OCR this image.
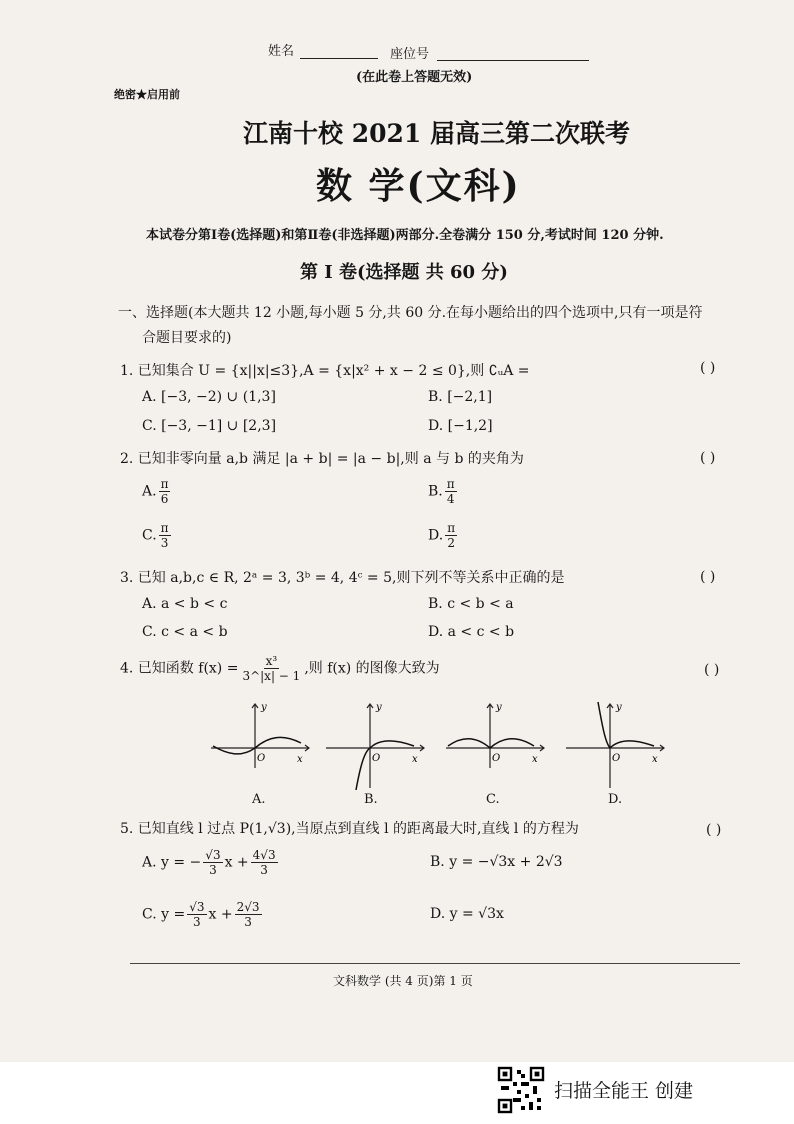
姓名	座位号
(在此卷上答题无效)
绝密★启用前
江南十校 2021 届高三第二次联考
数 学(文科)
本试卷分第Ⅰ卷(选择题)和第Ⅱ卷(非选择题)两部分.全卷满分 150 分,考试时间 120 分钟.
第 Ⅰ 卷(选择题 共 60 分)
一、选择题(本大题共 12 小题,每小题 5 分,共 60 分.在每小题给出的四个选项中,只有一项是符
合题目要求的)
1. 已知集合 U = {x||x|≤3},A = {x|x² + x − 2 ≤ 0},则 ∁ᵤA =	( )
A. [−3, −2) ∪ (1,3]	B. [−2,1]
C. [−3, −1] ∪ [2,3]	D. [−1,2]
2. 已知非零向量 a,b 满足 |a + b| = |a − b|,则 a 与 b 的夹角为	( )
A. $\frac{\pi}{6}$	B. $\frac{\pi}{4}$
C. $\frac{\pi}{3}$	D. $\frac{\pi}{2}$
3. 已知 a,b,c ∈ R, 2ᵃ = 3, 3ᵇ = 4, 4ᶜ = 5,则下列不等关系中正确的是	( )
A. a < b < c	B. c < b < a
C. c < a < b	D. a < c < b
4. 已知函数 $f(x) = \frac{\text{x³}}{3\^{}|x| - 1}$ ,则 f(x) 的图像大致为	( )
y
x
O
A.
y
x
O
B.
y
x
O
C.
y
x
O
D.
5. 已知直线 l 过点 P(1,√3),当原点到直线 l 的距离最大时,直线 l 的方程为	( )
A. y = − $\frac{√3}{3}$ $x + \frac{4√3}{3}$	B. y = −√3x + 2√3
C. $y = \frac{√3}{3}$ $x + \frac{2√3}{3}$	D. y = √3x
文科数学 (共 4 页)第 1 页
扫描全能王 创建
